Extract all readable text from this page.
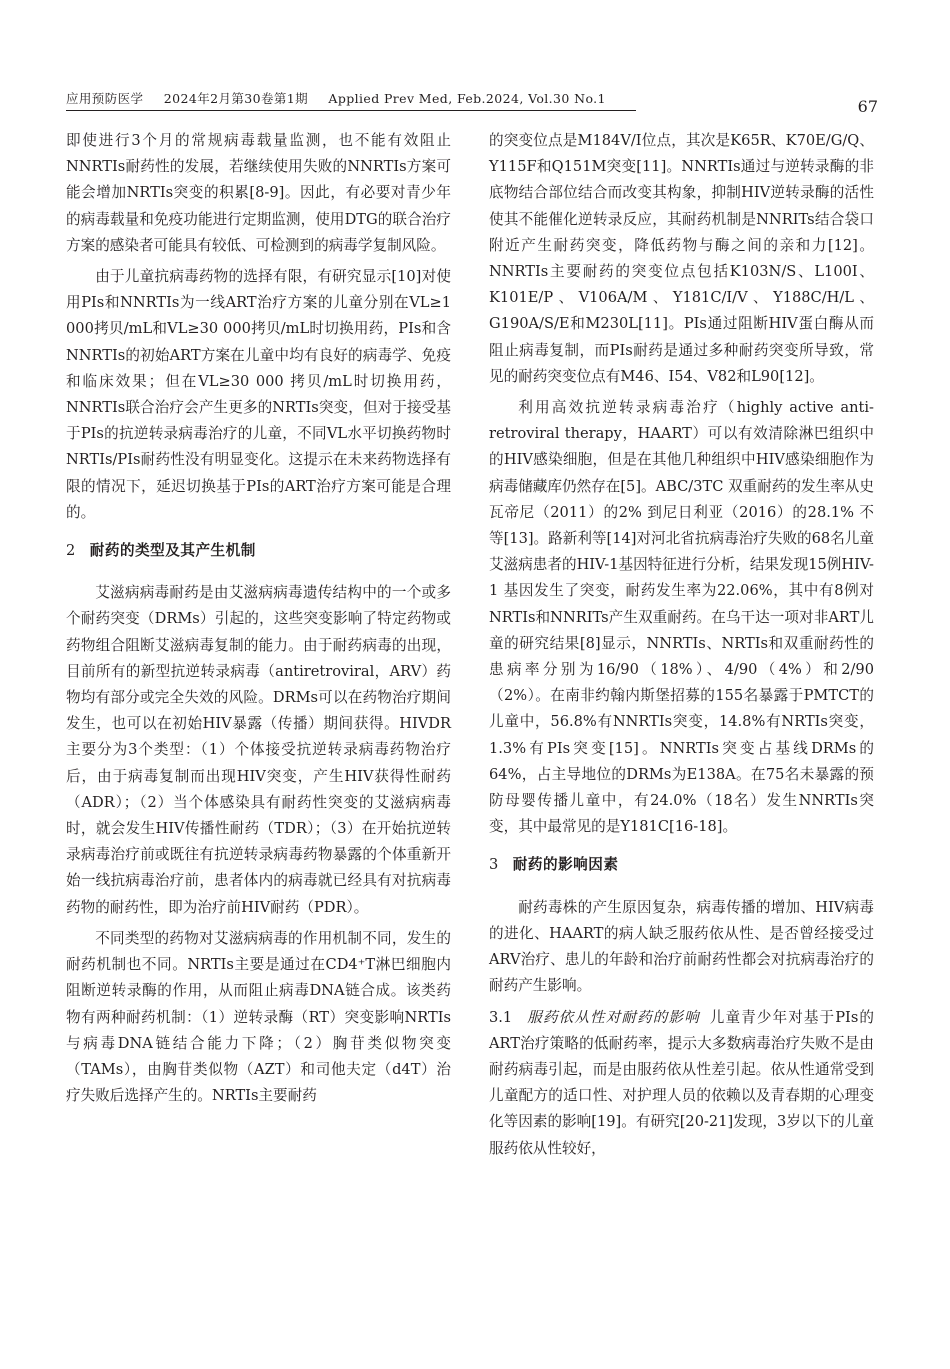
应用预防医学 2024年2月第30卷第1期 Applied Prev Med, Feb.2024, Vol.30 No.1	67

即使进行3个月的常规病毒载量监测，也不能有效阻止NNRTIs耐药性的发展，若继续使用失败的NNRTIs方案可能会增加NRTIs突变的积累[8-9]。因此，有必要对青少年的病毒载量和免疫功能进行定期监测，使用DTG的联合治疗方案的感染者可能具有较低、可检测到的病毒学复制风险。

由于儿童抗病毒药物的选择有限，有研究显示[10]对使用PIs和NNRTIs为一线ART治疗方案的儿童分别在VL≥1 000拷贝/mL和VL≥30 000拷贝/mL时切换用药，PIs和含NNRTIs的初始ART方案在儿童中均有良好的病毒学、免疫和临床效果；但在VL≥30 000 拷贝/mL时切换用药，NNRTIs联合治疗会产生更多的NRTIs突变，但对于接受基于PIs的抗逆转录病毒治疗的儿童，不同VL水平切换药物时NRTIs/PIs耐药性没有明显变化。这提示在未来药物选择有限的情况下，延迟切换基于PIs的ART治疗方案可能是合理的。

2 耐药的类型及其产生机制

艾滋病病毒耐药是由艾滋病病毒遗传结构中的一个或多个耐药突变（DRMs）引起的，这些突变影响了特定药物或药物组合阻断艾滋病毒复制的能力。由于耐药病毒的出现，目前所有的新型抗逆转录病毒（antiretroviral，ARV）药物均有部分或完全失效的风险。DRMs可以在药物治疗期间发生，也可以在初始HIV暴露（传播）期间获得。HIVDR主要分为3个类型：（1）个体接受抗逆转录病毒药物治疗后，由于病毒复制而出现HIV突变，产生HIV获得性耐药（ADR）；（2）当个体感染具有耐药性突变的艾滋病病毒时，就会发生HIV传播性耐药（TDR）；（3）在开始抗逆转录病毒治疗前或既往有抗逆转录病毒药物暴露的个体重新开始一线抗病毒治疗前，患者体内的病毒就已经具有对抗病毒药物的耐药性，即为治疗前HIV耐药（PDR）。

不同类型的药物对艾滋病病毒的作用机制不同，发生的耐药机制也不同。NRTIs主要是通过在CD4⁺T淋巴细胞内阻断逆转录酶的作用，从而阻止病毒DNA链合成。该类药物有两种耐药机制：（1）逆转录酶（RT）突变影响NRTIs与病毒DNA链结合能力下降；（2）胸苷类似物突变（TAMs），由胸苷类似物（AZT）和司他夫定（d4T）治疗失败后选择产生的。NRTIs主要耐药

的突变位点是M184V/I位点，其次是K65R、K70E/G/Q、Y115F和Q151M突变[11]。NNRTIs通过与逆转录酶的非底物结合部位结合而改变其构象，抑制HIV逆转录酶的活性使其不能催化逆转录反应，其耐药机制是NNRITs结合袋口附近产生耐药突变，降低药物与酶之间的亲和力[12]。NNRTIs主要耐药的突变位点包括K103N/S、L100I、K101E/P、V106A/M、Y181C/I/V、Y188C/H/L、G190A/S/E和M230L[11]。PIs通过阻断HIV蛋白酶从而阻止病毒复制，而PIs耐药是通过多种耐药突变所导致，常见的耐药突变位点有M46、I54、V82和L90[12]。

利用高效抗逆转录病毒治疗（highly active anti-retroviral therapy，HAART）可以有效清除淋巴组织中的HIV感染细胞，但是在其他几种组织中HIV感染细胞作为病毒储藏库仍然存在[5]。ABC/3TC 双重耐药的发生率从史瓦帝尼（2011）的2% 到尼日利亚（2016）的28.1% 不等[13]。路新利等[14]对河北省抗病毒治疗失败的68名儿童艾滋病患者的HIV-1基因特征进行分析，结果发现15例HIV-1 基因发生了突变，耐药发生率为22.06%，其中有8例对NRTIs和NNRITs产生双重耐药。在乌干达一项对非ART儿童的研究结果[8]显示，NNRTIs、NRTIs和双重耐药性的患病率分别为16/90（18%）、4/90（4%）和2/90（2%）。在南非约翰内斯堡招募的155名暴露于PMTCT的儿童中，56.8%有NNRTIs突变，14.8%有NRTIs突变，1.3%有PIs突变[15]。NNRTIs突变占基线DRMs的64%，占主导地位的DRMs为E138A。在75名未暴露的预防母婴传播儿童中，有24.0%（18名）发生NNRTIs突变，其中最常见的是Y181C[16-18]。

3 耐药的影响因素

耐药毒株的产生原因复杂，病毒传播的增加、HIV病毒的进化、HAART的病人缺乏服药依从性、是否曾经接受过ARV治疗、患儿的年龄和治疗前耐药性都会对抗病毒治疗的耐药产生影响。

3.1 服药依从性对耐药的影响 儿童青少年对基于PIs的ART治疗策略的低耐药率，提示大多数病毒治疗失败不是由耐药病毒引起，而是由服药依从性差引起。依从性通常受到儿童配方的适口性、对护理人员的依赖以及青春期的心理变化等因素的影响[19]。有研究[20-21]发现，3岁以下的儿童服药依从性较好，
